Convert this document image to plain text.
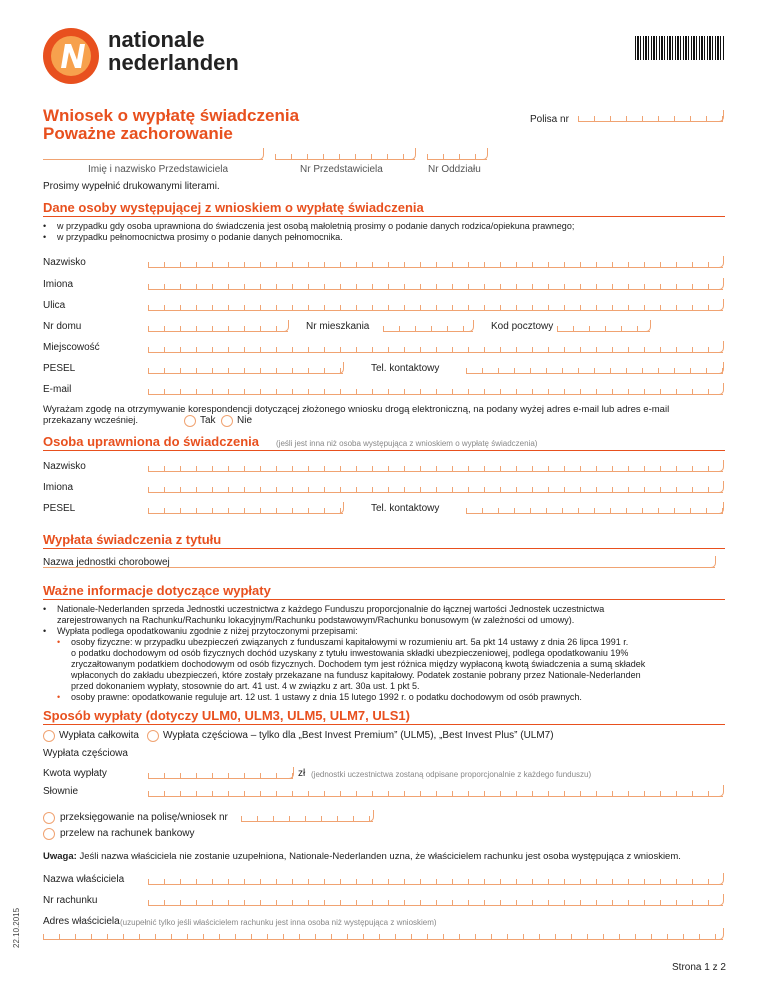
nationale
nederlanden
Wniosek o wypłatę świadczenia
Poważne zachorowanie
Polisa nr
Imię i nazwisko Przedstawiciela	Nr Przedstawiciela	Nr Oddziału
Prosimy wypełnić drukowanymi literami.
Dane osoby występującej z wnioskiem o wypłatę świadczenia
• w przypadku gdy osoba uprawniona do świadczenia jest osobą małoletnią prosimy o podanie danych rodzica/opiekuna prawnego;
• w przypadku pełnomocnictwa prosimy o podanie danych pełnomocnika.
Nazwisko
Imiona
Ulica
Nr domu	Nr mieszkania	Kod pocztowy
Miejscowość
PESEL	Tel. kontaktowy
E-mail
Wyrażam zgodę na otrzymywanie korespondencji dotyczącej złożonego wniosku drogą elektroniczną, na podany wyżej adres e-mail lub adres e-mail
przekazany wcześniej.	Tak Nie
Osoba uprawniona do świadczenia (jeśli jest inna niż osoba występująca z wnioskiem o wypłatę świadczenia)
Nazwisko
Imiona
PESEL	Tel. kontaktowy
Wypłata świadczenia z tytułu
Nazwa jednostki chorobowej
Ważne informacje dotyczące wypłaty
• Nationale-Nederlanden sprzeda Jednostki uczestnictwa z każdego Funduszu proporcjonalnie do łącznej wartości Jednostek uczestnictwa
zarejestrowanych na Rachunku/Rachunku lokacyjnym/Rachunku podstawowym/Rachunku bonusowym (w zależności od umowy).
• Wypłata podlega opodatkowaniu zgodnie z niżej przytoczonymi przepisami:
• osoby fizyczne: w przypadku ubezpieczeń związanych z funduszami kapitałowymi w rozumieniu art. 5a pkt 14 ustawy z dnia 26 lipca 1991 r.
o podatku dochodowym od osób fizycznych dochód uzyskany z tytułu inwestowania składki ubezpieczeniowej, podlega opodatkowaniu 19%
zryczałtowanym podatkiem dochodowym od osób fizycznych. Dochodem tym jest różnica między wypłaconą kwotą świadczenia a sumą składek
wpłaconych do zakładu ubezpieczeń, które zostały przekazane na fundusz kapitałowy. Podatek zostanie pobrany przez Nationale-Nederlanden
przed dokonaniem wypłaty, stosownie do art. 41 ust. 4 w związku z art. 30a ust. 1 pkt 5.
• osoby prawne: opodatkowanie reguluje art. 12 ust. 1 ustawy z dnia 15 lutego 1992 r. o podatku dochodowym od osób prawnych.
Sposób wypłaty (dotyczy ULM0, ULM3, ULM5, ULM7, ULS1)
Wypłata całkowita Wypłata częściowa – tylko dla „Best Invest Premium” (ULM5), „Best Invest Plus” (ULM7)
Wypłata częściowa
Kwota wypłaty	zł (jednostki uczestnictwa zostaną odpisane proporcjonalnie z każdego funduszu)
Słownie
przeksięgowanie na polisę/wniosek nr
przelew na rachunek bankowy
Uwaga: Jeśli nazwa właściciela nie zostanie uzupełniona, Nationale-Nederlanden uzna, że właścicielem rachunku jest osoba występująca z wnioskiem.
Nazwa właściciela
Nr rachunku
Adres właściciela (uzupełnić tylko jeśli właścicielem rachunku jest inna osoba niż występująca z wnioskiem)
22.10.2015
Strona 1 z 2
